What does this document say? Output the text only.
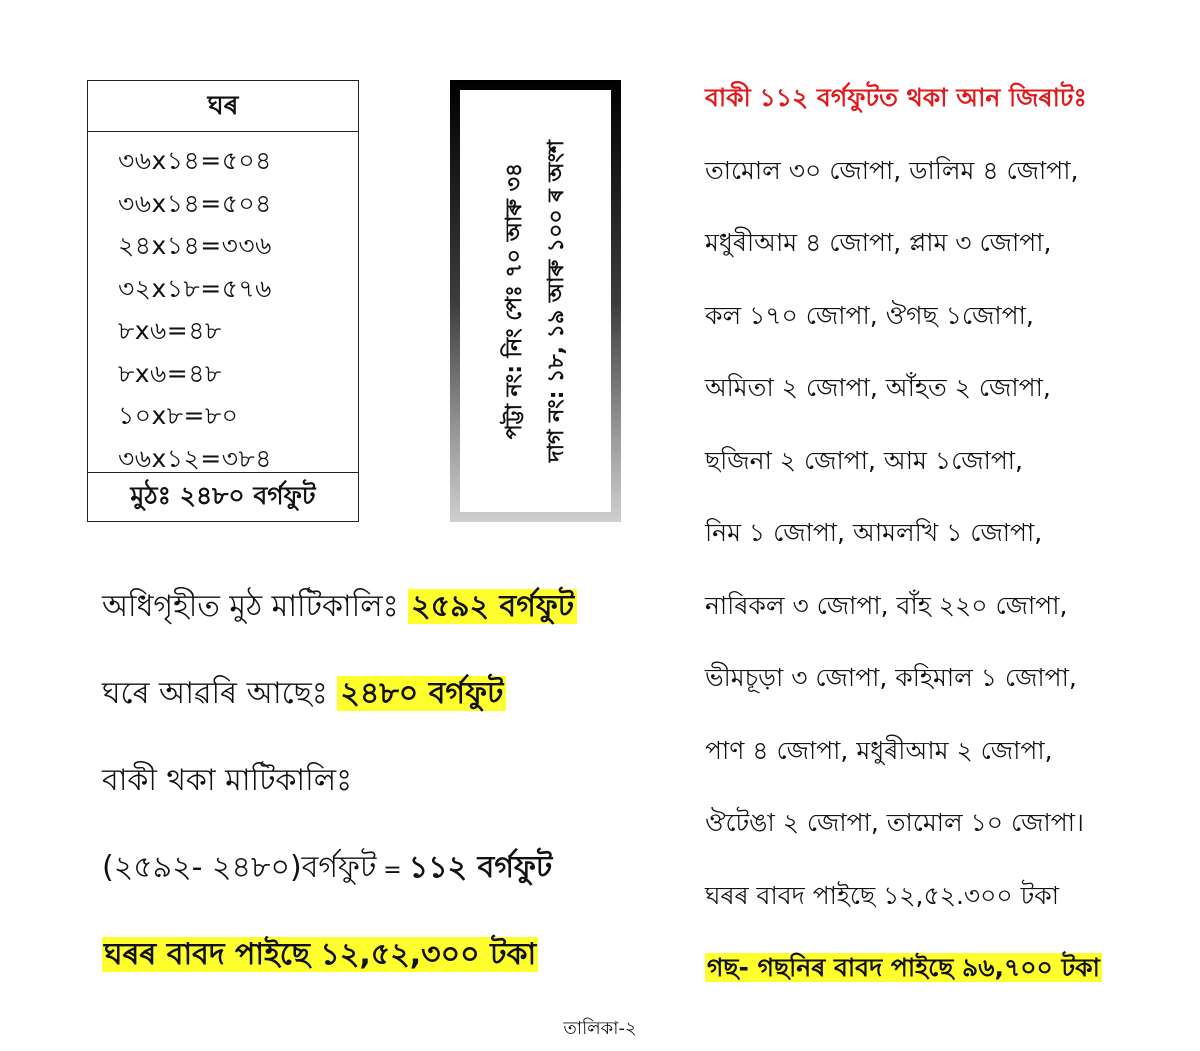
ঘৰ
৩৬x১৪=৫০৪
৩৬x১৪=৫০৪
২৪x১৪=৩৩৬
৩২x১৮=৫৭৬
৮x৬=৪৮
৮x৬=৪৮
১০x৮=৮০
৩৬x১২=৩৮৪
মুঠঃ ২৪৮০ বৰ্গফুট
পট্টা নং: নিং পেঃ ৭০ আৰু ৩৪ দাগ নং: ১৮, ১৯ আৰু ১০০ ৰ অংশ
অধিগৃহীত মুঠ মাটিকালিঃ ২৫৯২ বৰ্গফুট
ঘৰে আৱৰি আছেঃ ২৪৮০ বৰ্গফুট
বাকী থকা মাটিকালিঃ
(২৫৯২- ২৪৮০)বৰ্গফুট = ১১২ বৰ্গফুট
ঘৰৰ বাবদ পাইছে ১২,৫২,৩০০ টকা
বাকী ১১২ বৰ্গফুটত থকা আন জিৰাটঃ
তামোল ৩০ জোপা, ডালিম ৪ জোপা,
মধুৰীআম ৪ জোপা, প্লাম ৩ জোপা,
কল ১৭০ জোপা, ঔগছ ১জোপা,
অমিতা ২ জোপা, আঁহত ২ জোপা,
ছজিনা ২ জোপা, আম ১জোপা,
নিম ১ জোপা, আমলখি ১ জোপা,
নাৰিকল ৩ জোপা, বাঁহ ২২০ জোপা,
ভীমচূড়া ৩ জোপা, কহিমাল ১ জোপা,
পাণ ৪ জোপা, মধুৰীআম ২ জোপা,
ঔটেঙা ২ জোপা, তামোল ১০ জোপা।
ঘৰৰ বাবদ পাইছে ১২,৫২.৩০০ টকা
গছ- গছনিৰ বাবদ পাইছে ৯৬,৭০০ টকা
তালিকা-২
